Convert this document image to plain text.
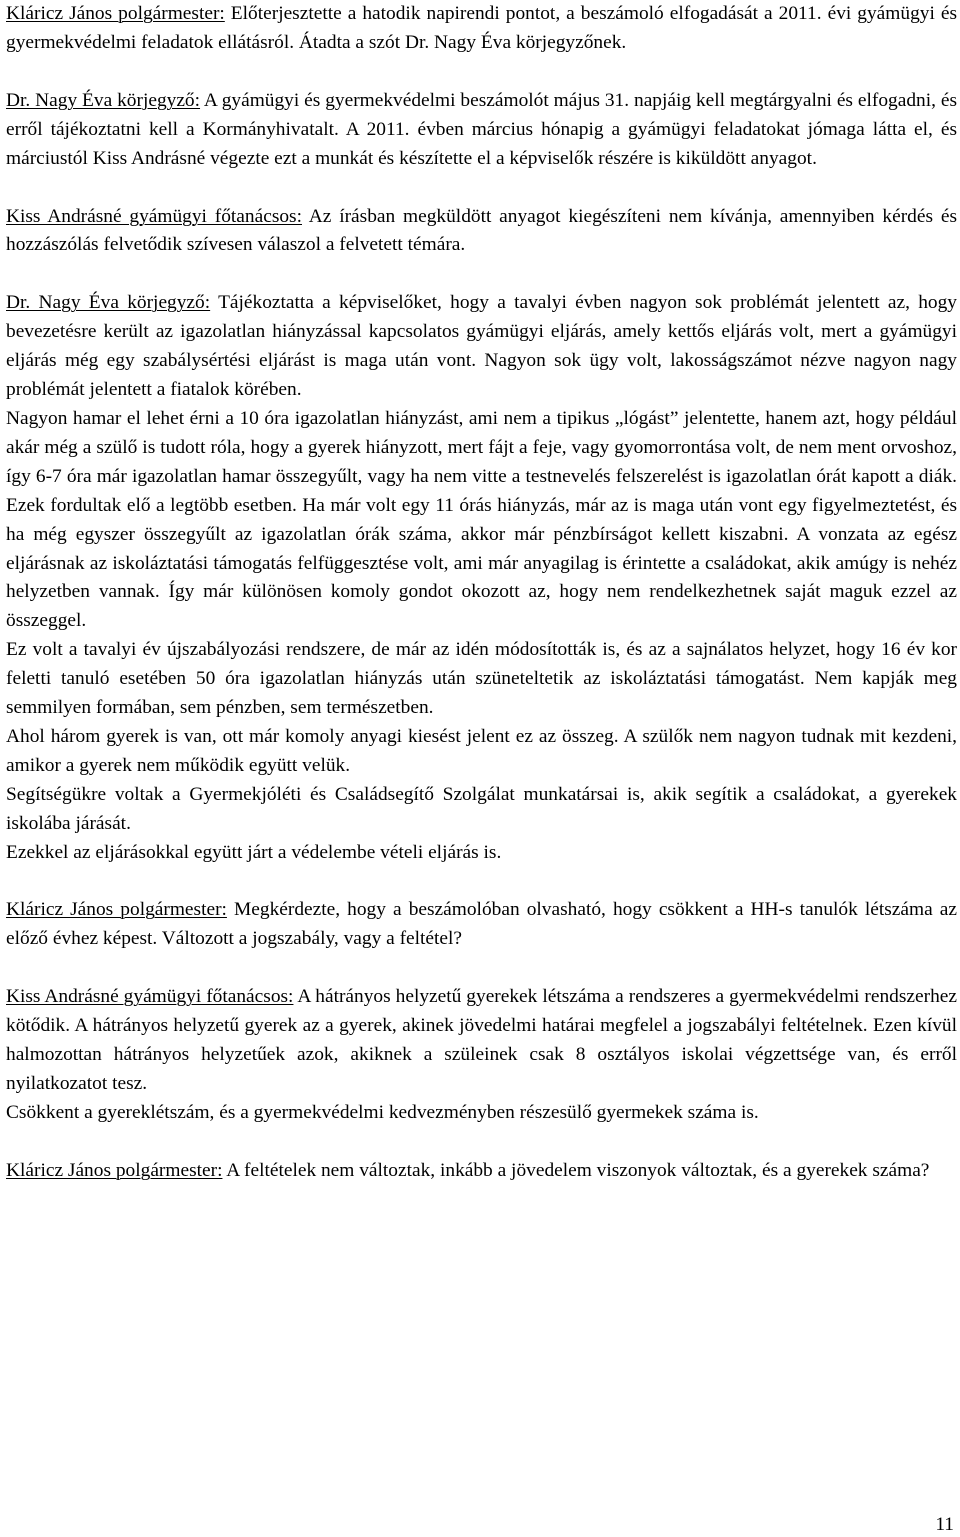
Kláricz János polgármester: Előterjesztette a hatodik napirendi pontot, a beszámoló elfogadását a 2011. évi gyámügyi és gyermekvédelmi feladatok ellátásról. Átadta a szót Dr. Nagy Éva körjegyzőnek.

Dr. Nagy Éva körjegyző: A gyámügyi és gyermekvédelmi beszámolót május 31. napjáig kell megtárgyalni és elfogadni, és erről tájékoztatni kell a Kormányhivatalt. A 2011. évben március hónapig a gyámügyi feladatokat jómaga látta el, és márciustól Kiss Andrásné végezte ezt a munkát és készítette el a képviselők részére is kiküldött anyagot.

Kiss Andrásné gyámügyi főtanácsos: Az írásban megküldött anyagot kiegészíteni nem kívánja, amennyiben kérdés és hozzászólás felvetődik szívesen válaszol a felvetett témára.

Dr. Nagy Éva körjegyző: Tájékoztatta a képviselőket, hogy a tavalyi évben nagyon sok problémát jelentett az, hogy bevezetésre került az igazolatlan hiányzással kapcsolatos gyámügyi eljárás, amely kettős eljárás volt, mert a gyámügyi eljárás még egy szabálysértési eljárást is maga után vont. Nagyon sok ügy volt, lakosságszámot nézve nagyon nagy problémát jelentett a fiatalok körében.

Nagyon hamar el lehet érni a 10 óra igazolatlan hiányzást, ami nem a tipikus „lógást” jelentette, hanem azt, hogy például akár még a szülő is tudott róla, hogy a gyerek hiányzott, mert fájt a feje, vagy gyomorrontása volt, de nem ment orvoshoz, így 6-7 óra már igazolatlan hamar összegyűlt, vagy ha nem vitte a testnevelés felszerelést is igazolatlan órát kapott a diák. Ezek fordultak elő a legtöbb esetben. Ha már volt egy 11 órás hiányzás, már az is maga után vont egy figyelmeztetést, és ha még egyszer összegyűlt az igazolatlan órák száma, akkor már pénzbírságot kellett kiszabni. A vonzata az egész eljárásnak az iskoláztatási támogatás felfüggesztése volt, ami már anyagilag is érintette a családokat, akik amúgy is nehéz helyzetben vannak. Így már különösen komoly gondot okozott az, hogy nem rendelkezhetnek saját maguk ezzel az összeggel.

Ez volt a tavalyi év újszabályozási rendszere, de már az idén módosították is, és az a sajnálatos helyzet, hogy 16 év kor feletti tanuló esetében 50 óra igazolatlan hiányzás után szüneteltetik az iskoláztatási támogatást. Nem kapják meg semmilyen formában, sem pénzben, sem természetben.

Ahol három gyerek is van, ott már komoly anyagi kiesést jelent ez az összeg. A szülők nem nagyon tudnak mit kezdeni, amikor a gyerek nem működik együtt velük.

Segítségükre voltak a Gyermekjóléti és Családsegítő Szolgálat munkatársai is, akik segítik a családokat, a gyerekek iskolába járását.

Ezekkel az eljárásokkal együtt járt a védelembe vételi eljárás is.

Kláricz János polgármester: Megkérdezte, hogy a beszámolóban olvasható, hogy csökkent a HH-s tanulók létszáma az előző évhez képest. Változott a jogszabály, vagy a feltétel?

Kiss Andrásné gyámügyi főtanácsos: A hátrányos helyzetű gyerekek létszáma a rendszeres a gyermekvédelmi rendszerhez kötődik. A hátrányos helyzetű gyerek az a gyerek, akinek jövedelmi határai megfelel a jogszabályi feltételnek. Ezen kívül halmozottan hátrányos helyzetűek azok, akiknek a szüleinek csak 8 osztályos iskolai végzettsége van, és erről nyilatkozatot tesz.

Csökkent a gyereklétszám, és a gyermekvédelmi kedvezményben részesülő gyermekek száma is.

Kláricz János polgármester: A feltételek nem változtak, inkább a jövedelem viszonyok változtak, és a gyerekek száma?

11
